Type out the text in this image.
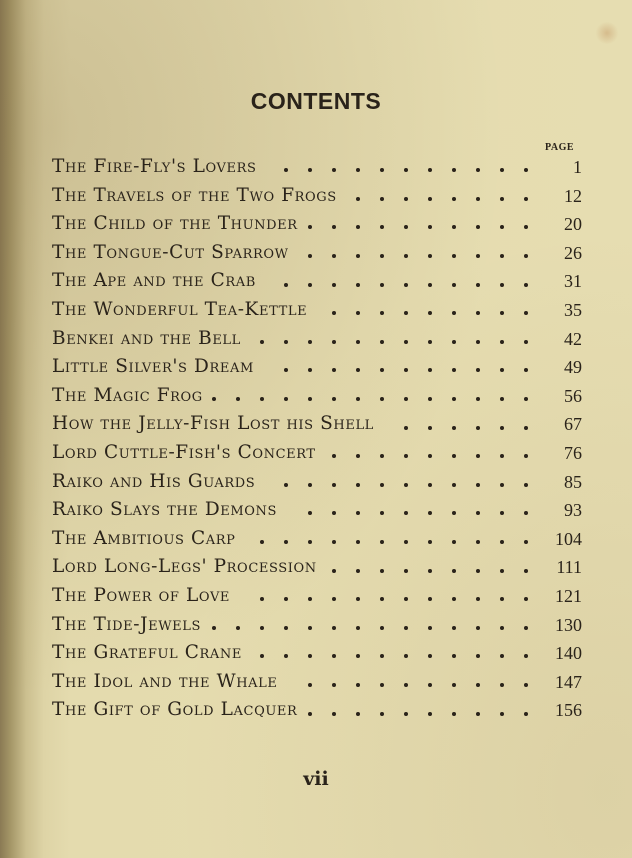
CONTENTS
PAGE
The Fire-Fly's Lovers	1
The Travels of the Two Frogs	12
The Child of the Thunder	20
The Tongue-Cut Sparrow	26
The Ape and the Crab	31
The Wonderful Tea-Kettle	35
Benkei and the Bell	42
Little Silver's Dream	49
The Magic Frog	56
How the Jelly-Fish Lost his Shell	67
Lord Cuttle-Fish's Concert	76
Raiko and His Guards	85
Raiko Slays the Demons	93
The Ambitious Carp	104
Lord Long-Legs' Procession	111
The Power of Love	121
The Tide-Jewels	130
The Grateful Crane	140
The Idol and the Whale	147
The Gift of Gold Lacquer	156
vii
